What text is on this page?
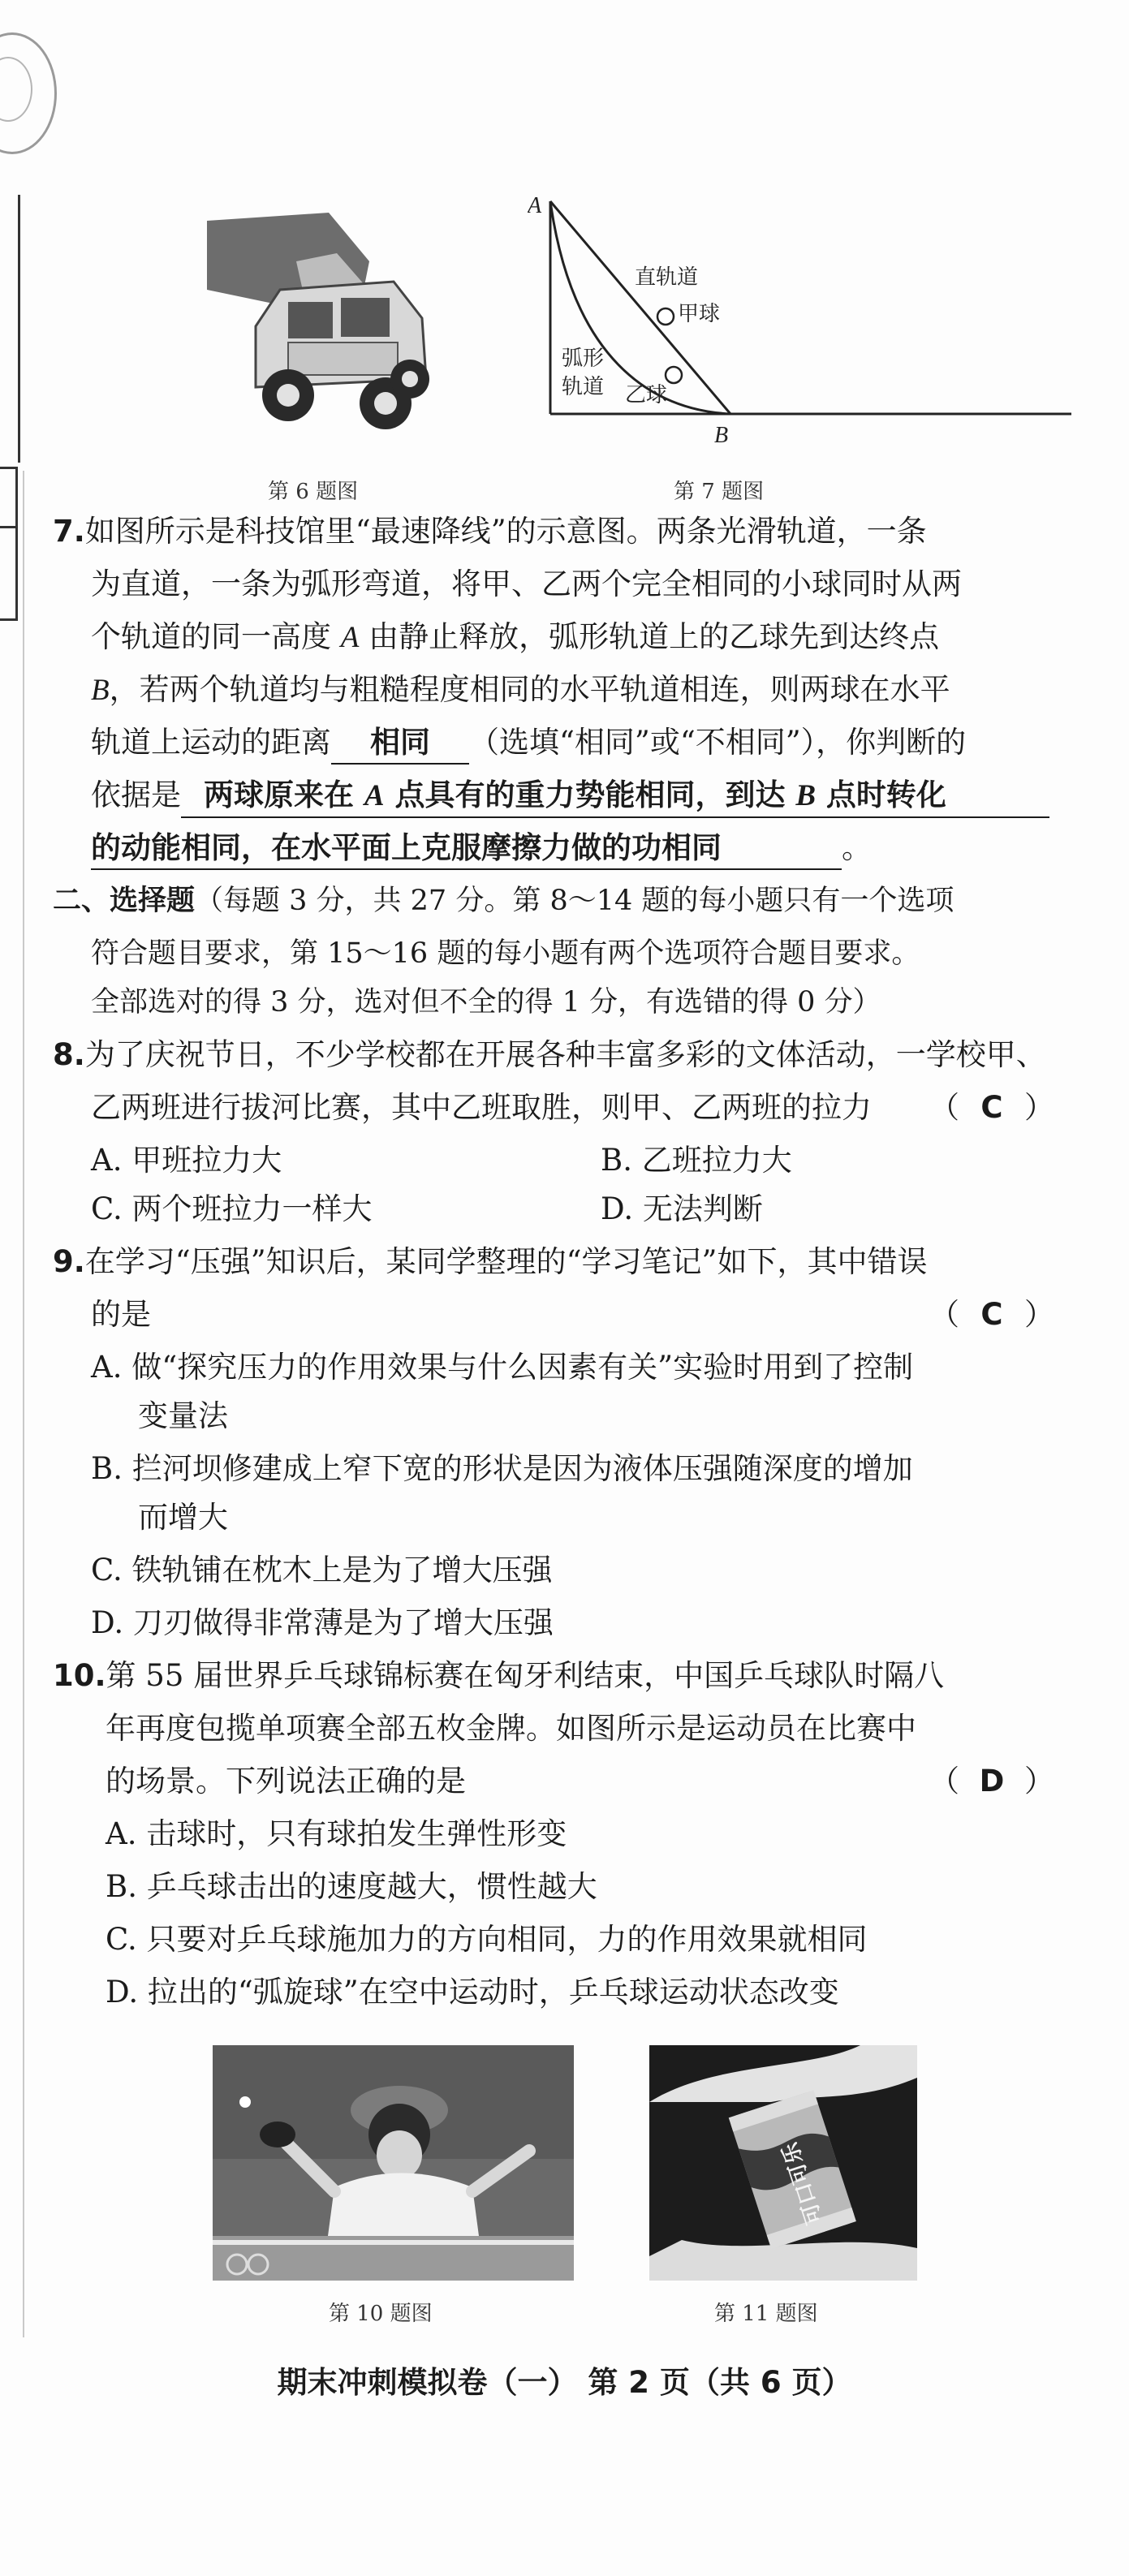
A
B
直轨道
甲球
弧形
轨道 乙球
第 6 题图	第 7 题图
7.如图所示是科技馆里“最速降线”的示意图。两条光滑轨道，一条
为直道，一条为弧形弯道，将甲、乙两个完全相同的小球同时从两
个轨道的同一高度 A 由静止释放，弧形轨道上的乙球先到达终点
B，若两个轨道均与粗糙程度相同的水平轨道相连，则两球在水平
轨道上运动的距离 相同 （选填“相同”或“不相同”），你判断的
依据是 两球原来在 A 点具有的重力势能相同，到达 B 点时转化
的动能相同，在水平面上克服摩擦力做的功相同	。
二、选择题（每题 3 分，共 27 分。第 8～14 题的每小题只有一个选项
符合题目要求，第 15～16 题的每小题有两个选项符合题目要求。
全部选对的得 3 分，选对但不全的得 1 分，有选错的得 0 分）
8.为了庆祝节日，不少学校都在开展各种丰富多彩的文体活动，一学校甲、
乙两班进行拔河比赛，其中乙班取胜，则甲、乙两班的拉力 （ C ）
A. 甲班拉力大	B. 乙班拉力大
C. 两个班拉力一样大	D. 无法判断
9.在学习“压强”知识后，某同学整理的“学习笔记”如下，其中错误
的是	（ C ）
A. 做“探究压力的作用效果与什么因素有关”实验时用到了控制
变量法
B. 拦河坝修建成上窄下宽的形状是因为液体压强随深度的增加
而增大
C. 铁轨铺在枕木上是为了增大压强
D. 刀刃做得非常薄是为了增大压强
10.第 55 届世界乒乓球锦标赛在匈牙利结束，中国乒乓球队时隔八
年再度包揽单项赛全部五枚金牌。如图所示是运动员在比赛中
的场景。下列说法正确的是	（ D ）
A. 击球时，只有球拍发生弹性形变
B. 乒乓球击出的速度越大，惯性越大
C. 只要对乒乓球施加力的方向相同，力的作用效果就相同
D. 拉出的“弧旋球”在空中运动时，乒乓球运动状态改变
可口可乐
第 10 题图	第 11 题图
期末冲刺模拟卷（一） 第 2 页（共 6 页）
